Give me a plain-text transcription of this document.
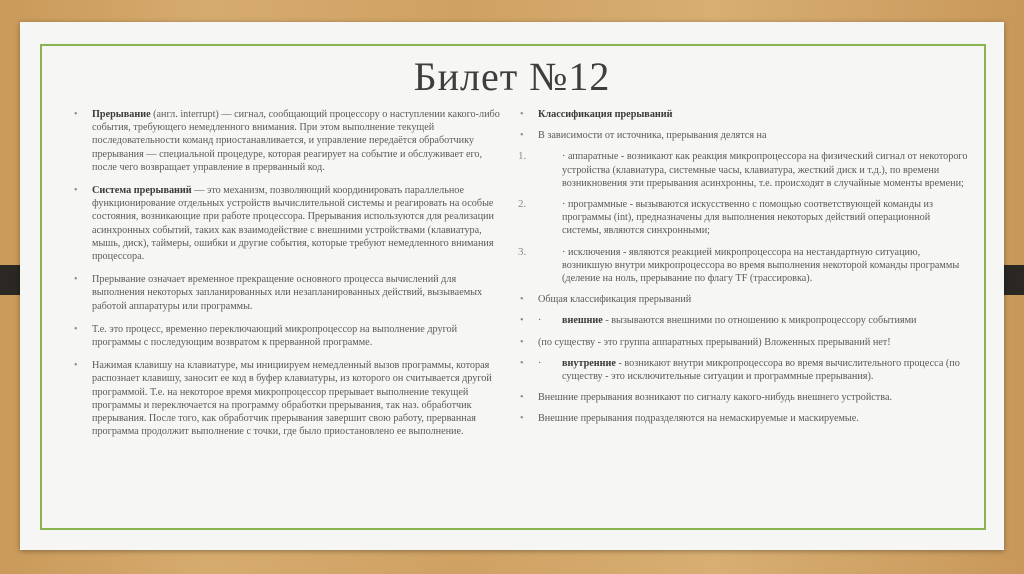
Билет №12
• Прерывание (англ. interrupt) — сигнал, сообщающий процессору о наступлении какого-либо события, требующего немедленного внимания. При этом выполнение текущей последовательности команд приостанавливается, и управление передаётся обработчику прерывания — специальной процедуре, которая реагирует на событие и обслуживает его, после чего возвращает управление в прерванный код.
• Система прерываний — это механизм, позволяющий координировать параллельное функционирование отдельных устройств вычислительной системы и реагировать на особые состояния, возникающие при работе процессора. Прерывания используются для реализации асинхронных событий, таких как взаимодействие с внешними устройствами (клавиатура, мышь, диск), таймеры, ошибки и другие события, которые требуют немедленного внимания процессора.
• Прерывание означает временное прекращение основного процесса вычислений для выполнения некоторых запланированных или незапланированных действий, вызываемых работой аппаратуры или программы.
• Т.е. это процесс, временно переключающий микропроцессор на выполнение другой программы с последующим возвратом к прерванной программе.
• Нажимая клавишу на клавиатуре, мы инициируем немедленный вызов программы, которая распознает клавишу, заносит ее код в буфер клавиатуры, из которого он считывается другой программой. Т.е. на некоторое время микропроцессор прерывает выполнение текущей программы и переключается на программу обработки прерывания, так наз. обработчик прерывания. После того, как обработчик прерывания завершит свою работу, прерванная программа продолжит выполнение с точки, где было приостановлено ее выполнение.
• Классификация прерываний
• В зависимости от источника, прерывания делятся на
1.	· аппаратные - возникают как реакция микропроцессора на физический сигнал от некоторого устройства (клавиатура, системные часы, клавиатура, жесткий диск и т.д.), по времени возникновения эти прерывания асинхронны, т.е. происходят в случайные моменты времени;
2.	· программные - вызываются искусственно с помощью соответствующей команды из программы (int), предназначены для выполнения некоторых действий операционной системы, являются синхронными;
3.	· исключения - являются реакцией микропроцессора на нестандартную ситуацию, возникшую внутри микропроцессора во время выполнения некоторой команды программы (деление на ноль, прерывание по флагу TF (трассировка).
• Общая классификация прерываний
• · внешние - вызываются внешними по отношению к микропроцессору событиями
• (по существу - это группа аппаратных прерываний) Вложенных прерываний нет!
• · внутренние - возникают внутри микропроцессора во время вычислительного процесса (по существу - это исключительные ситуации и программные прерывания).
• Внешние прерывания возникают по сигналу какого-нибудь внешнего устройства.
• Внешние прерывания подразделяются на немаскируемые и маскируемые.
